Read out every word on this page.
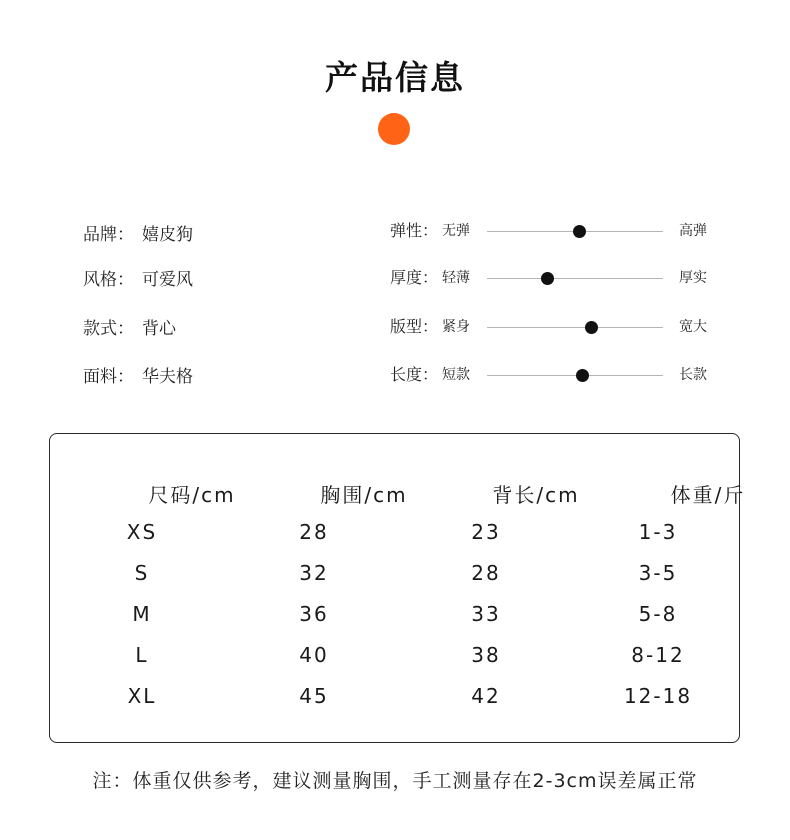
产品信息
品牌： 嬉皮狗
风格： 可爱风
款式： 背心
面料： 华夫格
弹性： 无弹	高弹
厚度： 轻薄	厚实
版型： 紧身	宽大
长度： 短款	长款
尺码/cm	胸围/cm	背长/cm	体重/斤
XS	28	23	1-3
S	32	28	3-5
M	36	33	5-8
L	40	38	8-12
XL	45	42	12-18
注：体重仅供参考，建议测量胸围，手工测量存在2-3cm误差属正常
